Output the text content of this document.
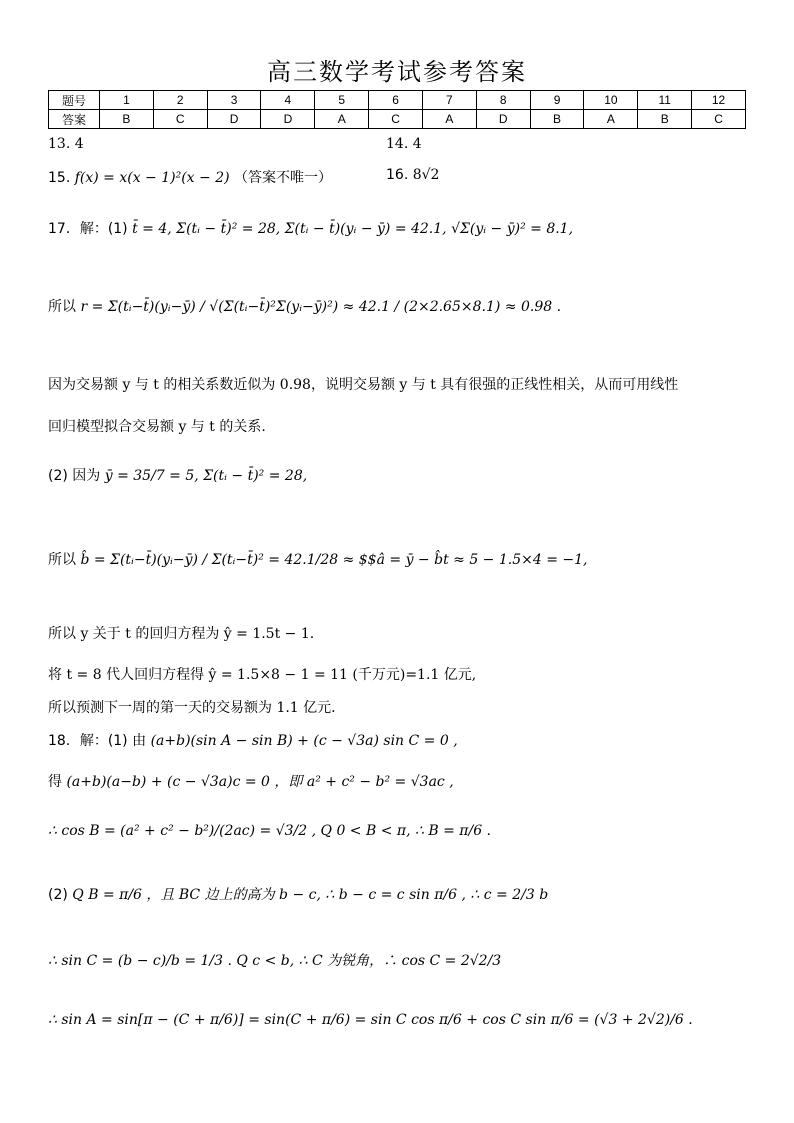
高三数学考试参考答案
题号	1	2	3	4	5	6	7	8	9	10	11	12
答案	B	C	D	D	A	C	A	D	B	A	B	C
13. 4	14. 4
15. f(x) = x(x − 1)²(x − 2) （答案不唯一）	16. 8√2
17．解：(1) t̄ = 4, Σ(tᵢ − t̄)² = 28, Σ(tᵢ − t̄)(yᵢ − ȳ) = 42.1, √Σ(yᵢ − ȳ)² = 8.1,
所以 r = Σ(tᵢ−t̄)(yᵢ−ȳ) / √(Σ(tᵢ−t̄)²Σ(yᵢ−ȳ)²) ≈ 42.1 / (2×2.65×8.1) ≈ 0.98 .
因为交易额 y 与 t 的相关系数近似为 0.98，说明交易额 y 与 t 具有很强的正线性相关，从而可用线性
回归模型拟合交易额 y 与 t 的关系.
(2) 因为 ȳ = 35/7 = 5, Σ(tᵢ − t̄)² = 28,
所以 b̂ = Σ(tᵢ−t̄)(yᵢ−ȳ) / Σ(tᵢ−t̄)² = 42.1/28 ≈ $$â = ȳ − b̂t ≈ 5 − 1.5×4 = −1,
所以 y 关于 t 的回归方程为 ŷ = 1.5t − 1.
将 t = 8 代人回归方程得 ŷ = 1.5×8 − 1 = 11 (千万元)=1.1 亿元,
所以预测下一周的第一天的交易额为 1.1 亿元.
18．解：(1) 由 (a+b)(sin A − sin B) + (c − √3a) sin C = 0 ,
得 (a+b)(a−b) + (c − √3a)c = 0 ，即 a² + c² − b² = √3ac ,
∴ cos B = (a² + c² − b²)/(2ac) = √3/2 , Q 0 < B < π, ∴ B = π/6 .
(2) Q B = π/6 ，且 BC 边上的高为 b − c, ∴ b − c = c sin π/6 , ∴ c = 2/3 b
∴ sin C = (b − c)/b = 1/3 . Q c < b, ∴ C 为锐角，∴ cos C = 2√2/3
∴ sin A = sin[π − (C + π/6)] = sin(C + π/6) = sin C cos π/6 + cos C sin π/6 = (√3 + 2√2)/6 .
